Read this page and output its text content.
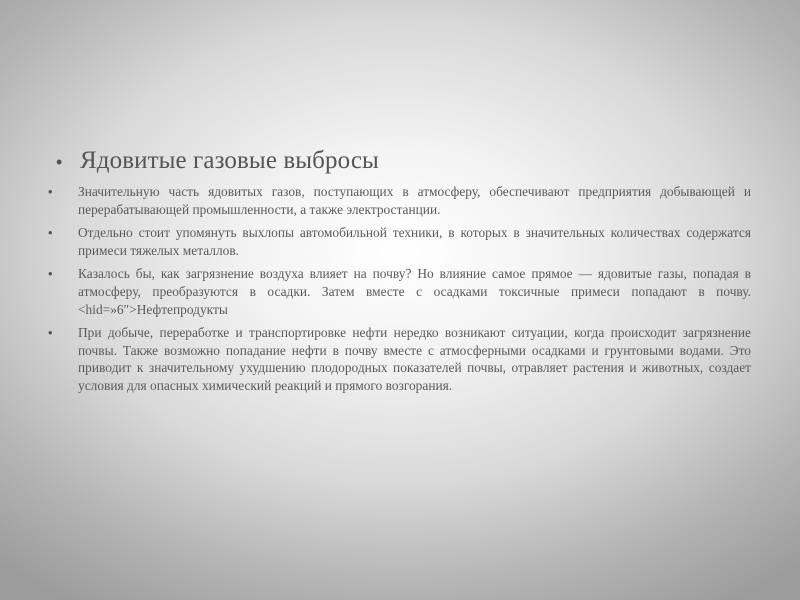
• Ядовитые газовые выбросы
•	Значительную часть ядовитых газов, поступающих в атмосферу, обеспечивают предприятия добывающей и перерабатывающей промышленности, а также электростанции.
•	Отдельно стоит упомянуть выхлопы автомобильной техники, в которых в значительных количествах содержатся примеси тяжелых металлов.
•	Казалось бы, как загрязнение воздуха влияет на почву? Но влияние самое прямое — ядовитые газы, попадая в атмосферу, преобразуются в осадки. Затем вместе с осадками токсичные примеси попадают в почву. <hid=»6″>Нефтепродукты
•	При добыче, переработке и транспортировке нефти нередко возникают ситуации, когда происходит загрязнение почвы. Также возможно попадание нефти в почву вместе с атмосферными осадками и грунтовыми водами. Это приводит к значительному ухудшению плодородных показателей почвы, отравляет растения и животных, создает условия для опасных химический реакций и прямого возгорания.
